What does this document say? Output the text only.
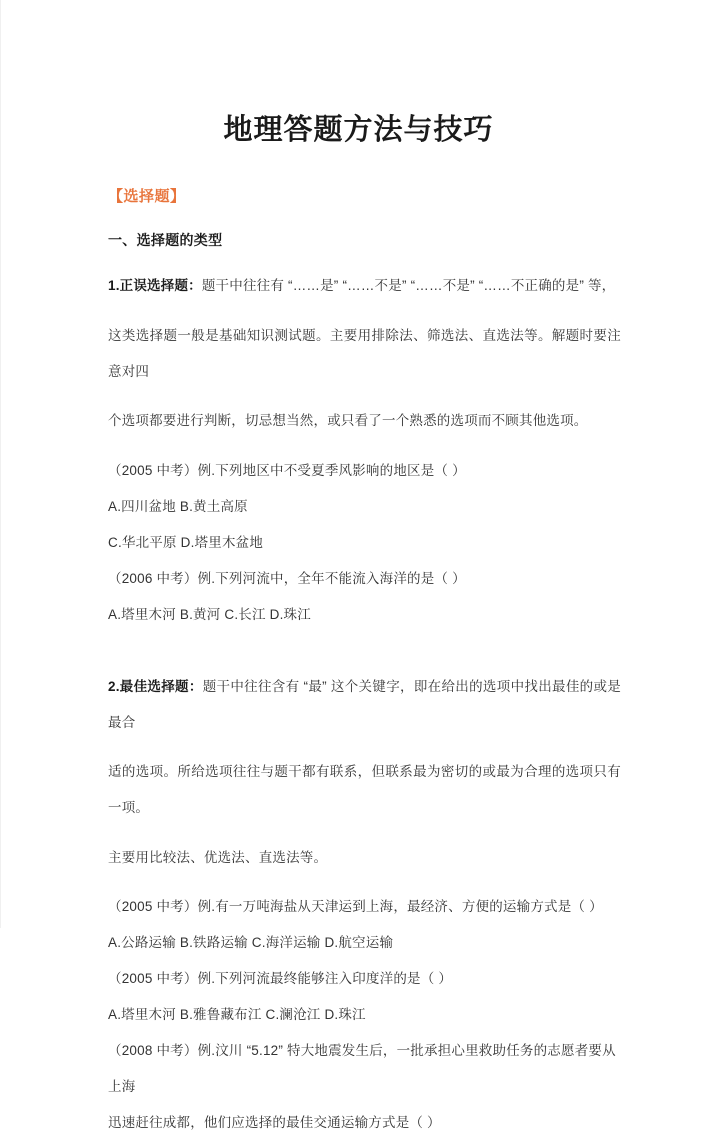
地理答题方法与技巧
【选择题】
一、选择题的类型

1.正误选择题：题干中往往有 “……是” “……不是” “……不是” “……不正确的是” 等，

这类选择题一般是基础知识测试题。主要用排除法、筛选法、直选法等。解题时要注意对四

个选项都要进行判断，切忌想当然，或只看了一个熟悉的选项而不顾其他选项。

（2005 中考）例.下列地区中不受夏季风影响的地区是（ ）
A.四川盆地 B.黄土高原
C.华北平原 D.塔里木盆地
（2006 中考）例.下列河流中，全年不能流入海洋的是（ ）
A.塔里木河 B.黄河 C.长江 D.珠江

2.最佳选择题：题干中往往含有 “最” 这个关键字，即在给出的选项中找出最佳的或是最合

适的选项。所给选项往往与题干都有联系，但联系最为密切的或最为合理的选项只有一项。

主要用比较法、优选法、直选法等。

（2005 中考）例.有一万吨海盐从天津运到上海，最经济、方便的运输方式是（ ）
A.公路运输 B.铁路运输 C.海洋运输 D.航空运输
（2005 中考）例.下列河流最终能够注入印度洋的是（ ）
A.塔里木河 B.雅鲁藏布江 C.澜沧江 D.珠江
（2008 中考）例.汶川 “5.12” 特大地震发生后，一批承担心里救助任务的志愿者要从上海
迅速赶往成都，他们应选择的最佳交通运输方式是（ ）
